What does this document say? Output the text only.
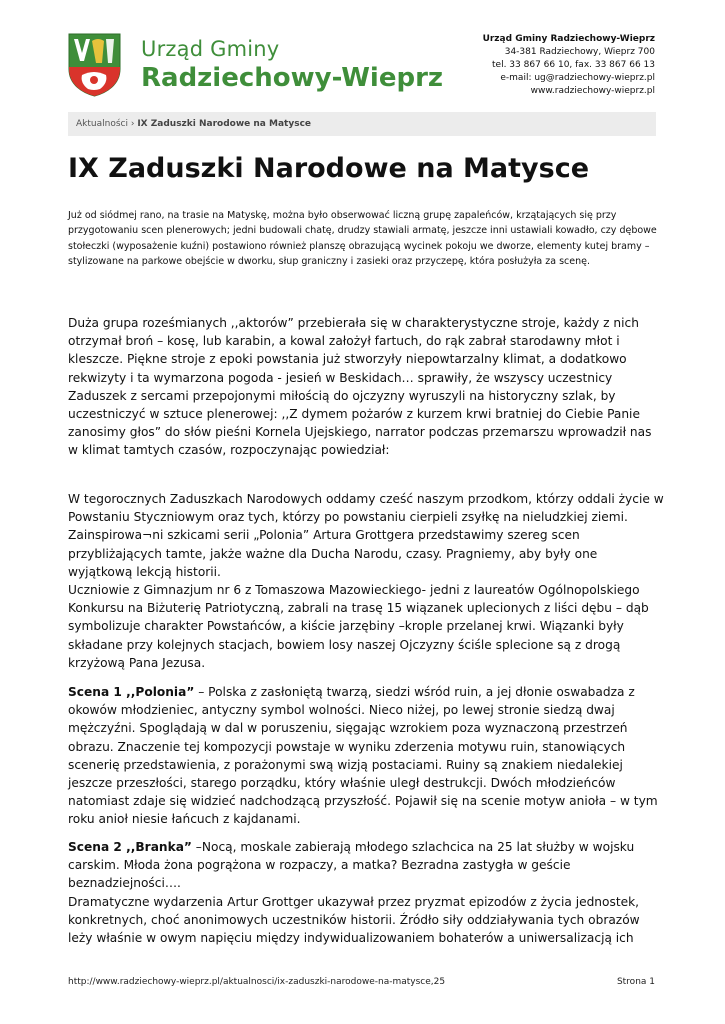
Urząd Gminy
Radziechowy-Wieprz
Urząd Gminy Radziechowy-Wieprz
34-381 Radziechowy, Wieprz 700
tel. 33 867 66 10, fax. 33 867 66 13
e-mail: ug@radziechowy-wieprz.pl
www.radziechowy-wieprz.pl
Aktualności › IX Zaduszki Narodowe na Matysce
IX Zaduszki Narodowe na Matysce

Już od siódmej rano, na trasie na Matyskę, można było obserwować liczną grupę zapaleńców, krzątających się przy przygotowaniu scen plenerowych; jedni budowali chatę, drudzy stawiali armatę, jeszcze inni ustawiali kowadło, czy dębowe stołeczki (wyposażenie kuźni) postawiono również planszę obrazującą wycinek pokoju we dworze, elementy kutej bramy – stylizowane na parkowe obejście w dworku, słup graniczny i zasieki oraz przyczepę, która posłużyła za scenę.

Duża grupa roześmianych ,,aktorów” przebierała się w charakterystyczne stroje, każdy z nich otrzymał broń – kosę, lub karabin, a kowal założył fartuch, do rąk zabrał starodawny młot i kleszcze. Piękne stroje z epoki powstania już stworzyły niepowtarzalny klimat, a dodatkowo rekwizyty i ta wymarzona pogoda - jesień w Beskidach… sprawiły, że wszyscy uczestnicy Zaduszek z sercami przepojonymi miłością do ojczyzny wyruszyli na historyczny szlak, by uczestniczyć w sztuce plenerowej: ,,Z dymem pożarów z kurzem krwi bratniej do Ciebie Panie zanosimy głos” do słów pieśni Kornela Ujejskiego, narrator podczas przemarszu wprowadził nas w klimat tamtych czasów, rozpoczynając powiedział:

W tegorocznych Zaduszkach Narodowych oddamy cześć naszym przodkom, którzy oddali życie w Powstaniu Styczniowym oraz tych, którzy po powstaniu cierpieli zsyłkę na nieludzkiej ziemi. Zainspirowa¬ni szkicami serii „Polonia” Artura Grottgera przedstawimy szereg scen przybliżających tamte, jakże ważne dla Ducha Narodu, czasy. Pragniemy, aby były one wyjątkową lekcją historii.
Uczniowie z Gimnazjum nr 6 z Tomaszowa Mazowieckiego- jedni z laureatów Ogólnopolskiego Konkursu na Biżuterię Patriotyczną, zabrali na trasę 15 wiązanek uplecionych z liści dębu – dąb symbolizuje charakter Powstańców, a kiście jarzębiny –krople przelanej krwi. Wiązanki były składane przy kolejnych stacjach, bowiem losy naszej Ojczyzny ściśle splecione są z drogą krzyżową Pana Jezusa.

Scena 1 ,,Polonia” – Polska z zasłoniętą twarzą, siedzi wśród ruin, a jej dłonie oswabadza z okowów młodzieniec, antyczny symbol wolności. Nieco niżej, po lewej stronie siedzą dwaj mężczyźni. Spoglądają w dal w poruszeniu, sięgając wzrokiem poza wyznaczoną przestrzeń obrazu. Znaczenie tej kompozycji powstaje w wyniku zderzenia motywu ruin, stanowiących scenerię przedstawienia, z porażonymi swą wizją postaciami. Ruiny są znakiem niedalekiej jeszcze przeszłości, starego porządku, który właśnie uległ destrukcji. Dwóch młodzieńców natomiast zdaje się widzieć nadchodzącą przyszłość. Pojawił się na scenie motyw anioła – w tym roku anioł niesie łańcuch z kajdanami.

Scena 2 ,,Branka” –Nocą, moskale zabierają młodego szlachcica na 25 lat służby w wojsku carskim. Młoda żona pogrążona w rozpaczy, a matka? Bezradna zastygła w geście beznadziejności….
Dramatyczne wydarzenia Artur Grottger ukazywał przez pryzmat epizodów z życia jednostek, konkretnych, choć anonimowych uczestników historii. Źródło siły oddziaływania tych obrazów leży właśnie w owym napięciu między indywidualizowaniem bohaterów a uniwersalizacją ich

http://www.radziechowy-wieprz.pl/aktualnosci/ix-zaduszki-narodowe-na-matysce,25	Strona 1
